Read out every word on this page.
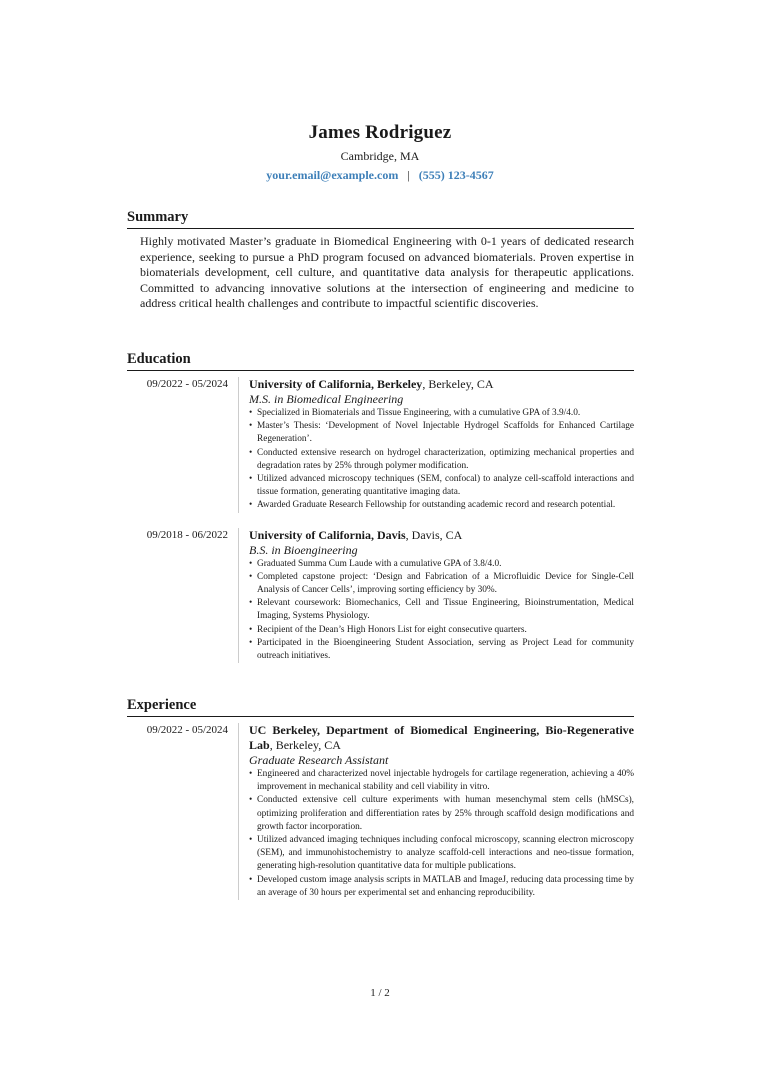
James Rodriguez
Cambridge, MA
your.email@example.com | (555) 123-4567
Summary
Highly motivated Master’s graduate in Biomedical Engineering with 0-1 years of dedicated research experience, seeking to pursue a PhD program focused on advanced biomaterials. Proven expertise in biomaterials development, cell culture, and quantitative data analysis for therapeutic applications. Committed to advancing innovative solutions at the intersection of engineering and medicine to address critical health challenges and contribute to impactful scientific discoveries.
Education
09/2022 - 05/2024	University of California, Berkeley, Berkeley, CA
M.S. in Biomedical Engineering
• Specialized in Biomaterials and Tissue Engineering, with a cumulative GPA of 3.9/4.0.
• Master’s Thesis: ‘Development of Novel Injectable Hydrogel Scaffolds for Enhanced Cartilage Regeneration’.
• Conducted extensive research on hydrogel characterization, optimizing mechanical properties and degradation rates by 25% through polymer modification.
• Utilized advanced microscopy techniques (SEM, confocal) to analyze cell-scaffold interactions and tissue formation, generating quantitative imaging data.
• Awarded Graduate Research Fellowship for outstanding academic record and research potential.
09/2018 - 06/2022	University of California, Davis, Davis, CA
B.S. in Bioengineering
• Graduated Summa Cum Laude with a cumulative GPA of 3.8/4.0.
• Completed capstone project: ‘Design and Fabrication of a Microfluidic Device for Single-Cell Analysis of Cancer Cells’, improving sorting efficiency by 30%.
• Relevant coursework: Biomechanics, Cell and Tissue Engineering, Bioinstrumentation, Medical Imaging, Systems Physiology.
• Recipient of the Dean’s High Honors List for eight consecutive quarters.
• Participated in the Bioengineering Student Association, serving as Project Lead for community outreach initiatives.
Experience
09/2022 - 05/2024	UC Berkeley, Department of Biomedical Engineering, Bio-Regenerative Lab, Berkeley, CA
Graduate Research Assistant
• Engineered and characterized novel injectable hydrogels for cartilage regeneration, achieving a 40% improvement in mechanical stability and cell viability in vitro.
• Conducted extensive cell culture experiments with human mesenchymal stem cells (hMSCs), optimizing proliferation and differentiation rates by 25% through scaffold design modifications and growth factor incorporation.
• Utilized advanced imaging techniques including confocal microscopy, scanning electron microscopy (SEM), and immunohistochemistry to analyze scaffold-cell interactions and neo-tissue formation, generating high-resolution quantitative data for multiple publications.
• Developed custom image analysis scripts in MATLAB and ImageJ, reducing data processing time by an average of 30 hours per experimental set and enhancing reproducibility.
1 / 2
